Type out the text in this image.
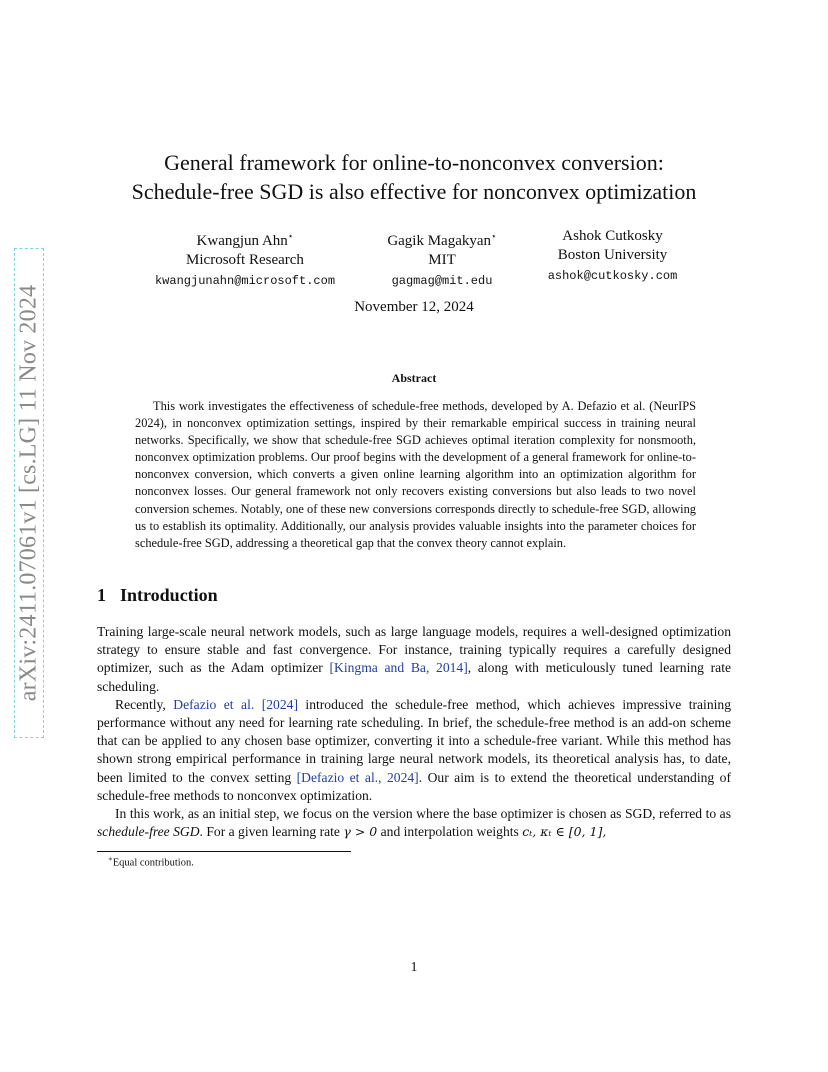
arXiv:2411.07061v1 [cs.LG] 11 Nov 2024
General framework for online-to-nonconvex conversion:
Schedule-free SGD is also effective for nonconvex optimization
Kwangjun Ahn⋆
Microsoft Research
kwangjunahn@microsoft.com
Gagik Magakyan⋆
MIT
gagmag@mit.edu
Ashok Cutkosky
Boston University
ashok@cutkosky.com
November 12, 2024
Abstract
This work investigates the effectiveness of schedule-free methods, developed by A. Defazio et al. (NeurIPS 2024), in nonconvex optimization settings, inspired by their remarkable empirical success in training neural networks. Specifically, we show that schedule-free SGD achieves optimal iteration complexity for nonsmooth, nonconvex optimization problems. Our proof begins with the development of a general framework for online-to-nonconvex conversion, which converts a given online learning algorithm into an optimization algorithm for nonconvex losses. Our general framework not only recovers existing conversions but also leads to two novel conversion schemes. Notably, one of these new conversions corresponds directly to schedule-free SGD, allowing us to establish its optimality. Additionally, our analysis provides valuable insights into the parameter choices for schedule-free SGD, addressing a theoretical gap that the convex theory cannot explain.
1 Introduction

Training large-scale neural network models, such as large language models, requires a well-designed optimization strategy to ensure stable and fast convergence. For instance, training typically requires a carefully designed optimizer, such as the Adam optimizer [Kingma and Ba, 2014], along with meticulously tuned learning rate scheduling.

Recently, Defazio et al. [2024] introduced the schedule-free method, which achieves impressive training performance without any need for learning rate scheduling. In brief, the schedule-free method is an add-on scheme that can be applied to any chosen base optimizer, converting it into a schedule-free variant. While this method has shown strong empirical performance in training large neural network models, its theoretical analysis has, to date, been limited to the convex setting [Defazio et al., 2024]. Our aim is to extend the theoretical understanding of schedule-free methods to nonconvex optimization.

In this work, as an initial step, we focus on the version where the base optimizer is chosen as SGD, referred to as schedule-free SGD. For a given learning rate γ > 0 and interpolation weights cₜ, κₜ ∈ [0, 1],

∗Equal contribution.
1
